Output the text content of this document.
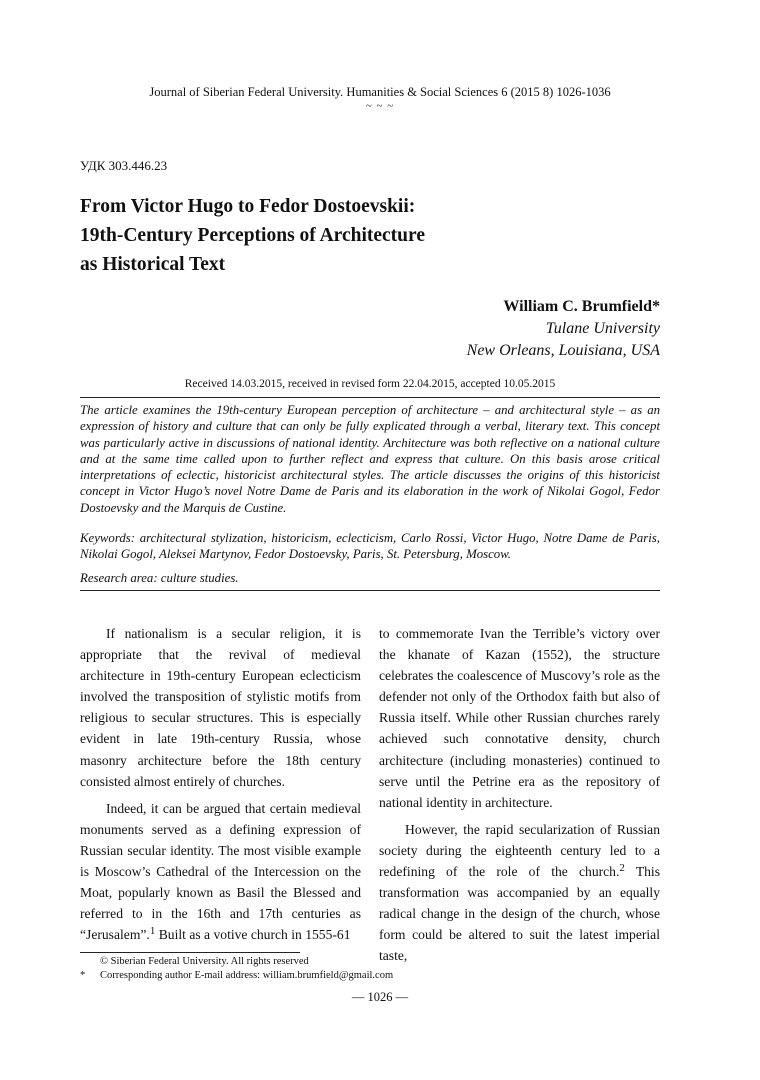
Journal of Siberian Federal University. Humanities & Social Sciences 6 (2015 8) 1026-1036
~ ~ ~
УДК 303.446.23
From Victor Hugo to Fedor Dostoevskii:
19th-Century Perceptions of Architecture
as Historical Text
William C. Brumfield*
Tulane University
New Orleans, Louisiana, USA
Received 14.03.2015, received in revised form 22.04.2015, accepted 10.05.2015
The article examines the 19th-century European perception of architecture – and architectural style – as an expression of history and culture that can only be fully explicated through a verbal, literary text. This concept was particularly active in discussions of national identity. Architecture was both reflective on a national culture and at the same time called upon to further reflect and express that culture. On this basis arose critical interpretations of eclectic, historicist architectural styles. The article discusses the origins of this historicist concept in Victor Hugo’s novel Notre Dame de Paris and its elaboration in the work of Nikolai Gogol, Fedor Dostoevsky and the Marquis de Custine.
Keywords: architectural stylization, historicism, eclecticism, Carlo Rossi, Victor Hugo, Notre Dame de Paris, Nikolai Gogol, Aleksei Martynov, Fedor Dostoevsky, Paris, St. Petersburg, Moscow.
Research area: culture studies.

If nationalism is a secular religion, it is appropriate that the revival of medieval architecture in 19th-century European eclecticism involved the transposition of stylistic motifs from religious to secular structures. This is especially evident in late 19th-century Russia, whose masonry architecture before the 18th century consisted almost entirely of churches.

Indeed, it can be argued that certain medieval monuments served as a defining expression of Russian secular identity. The most visible example is Moscow’s Cathedral of the Intercession on the Moat, popularly known as Basil the Blessed and referred to in the 16th and 17th centuries as “Jerusalem”.$^1$ Built as a votive church in 1555-61

to commemorate Ivan the Terrible’s victory over the khanate of Kazan (1552), the structure celebrates the coalescence of Muscovy’s role as the defender not only of the Orthodox faith but also of Russia itself. While other Russian churches rarely achieved such connotative density, church architecture (including monasteries) continued to serve until the Petrine era as the repository of national identity in architecture.

However, the rapid secularization of Russian society during the eighteenth century led to a redefining of the role of the church.$^2$ This transformation was accompanied by an equally radical change in the design of the church, whose form could be altered to suit the latest imperial taste,

© Siberian Federal University. All rights reserved
* Corresponding author E-mail address: william.brumfield@gmail.com
— 1026 —
